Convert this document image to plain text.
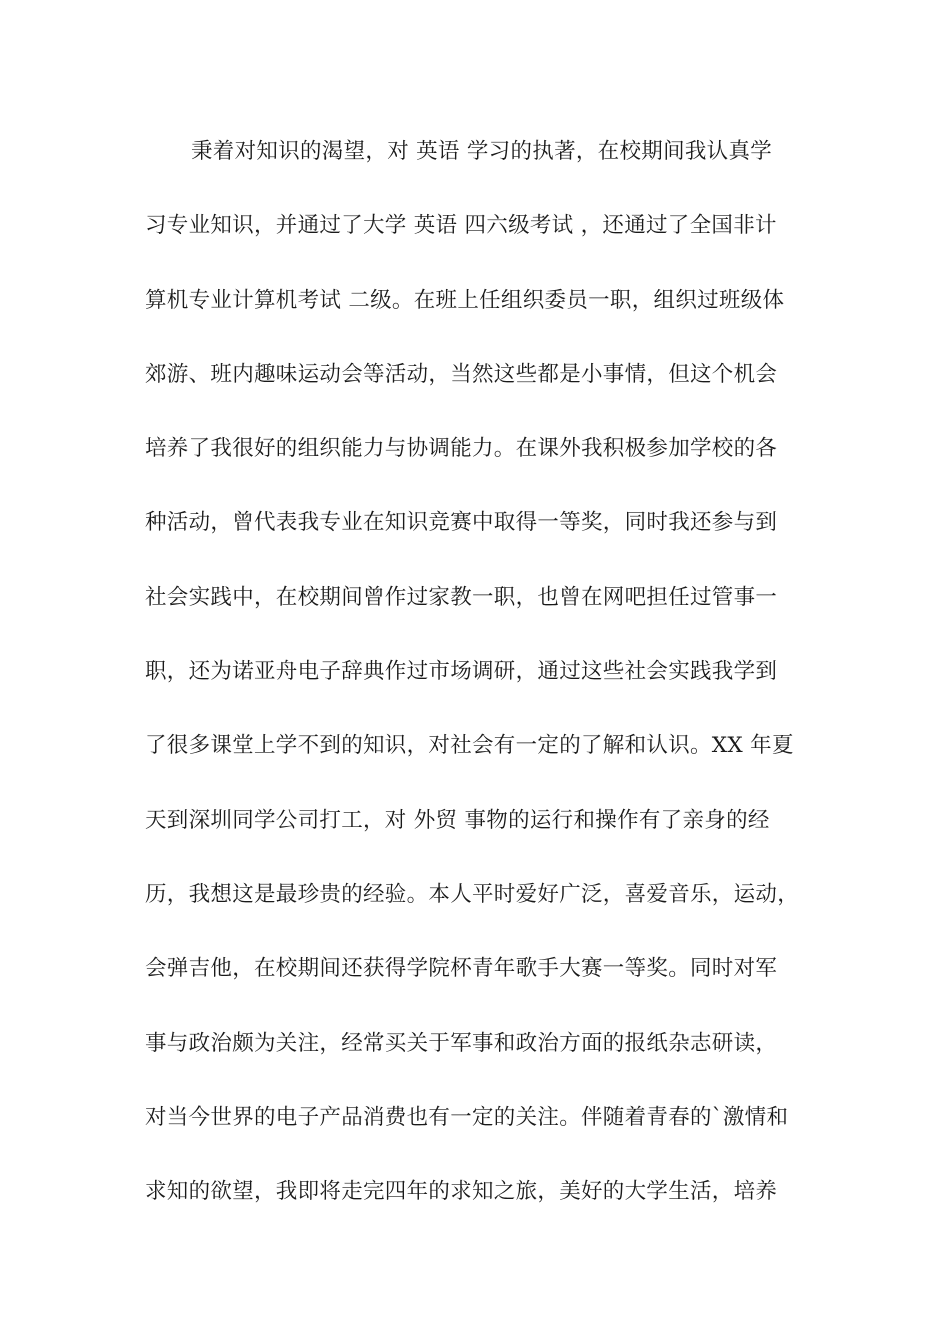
秉着对知识的渴望，对 英语 学习的执著，在校期间我认真学
习专业知识，并通过了大学 英语 四六级考试 ，还通过了全国非计
算机专业计算机考试 二级。在班上任组织委员一职，组织过班级体
郊游、班内趣味运动会等活动，当然这些都是小事情，但这个机会
培养了我很好的组织能力与协调能力。在课外我积极参加学校的各
种活动，曾代表我专业在知识竞赛中取得一等奖，同时我还参与到
社会实践中，在校期间曾作过家教一职，也曾在网吧担任过管事一
职，还为诺亚舟电子辞典作过市场调研，通过这些社会实践我学到
了很多课堂上学不到的知识，对社会有一定的了解和认识。XX 年夏
天到深圳同学公司打工，对 外贸 事物的运行和操作有了亲身的经
历，我想这是最珍贵的经验。本人平时爱好广泛，喜爱音乐，运动，
会弹吉他，在校期间还获得学院杯青年歌手大赛一等奖。同时对军
事与政治颇为关注，经常买关于军事和政治方面的报纸杂志研读，
对当今世界的电子产品消费也有一定的关注。伴随着青春的`激情和
求知的欲望，我即将走完四年的求知之旅，美好的大学生活，培养
